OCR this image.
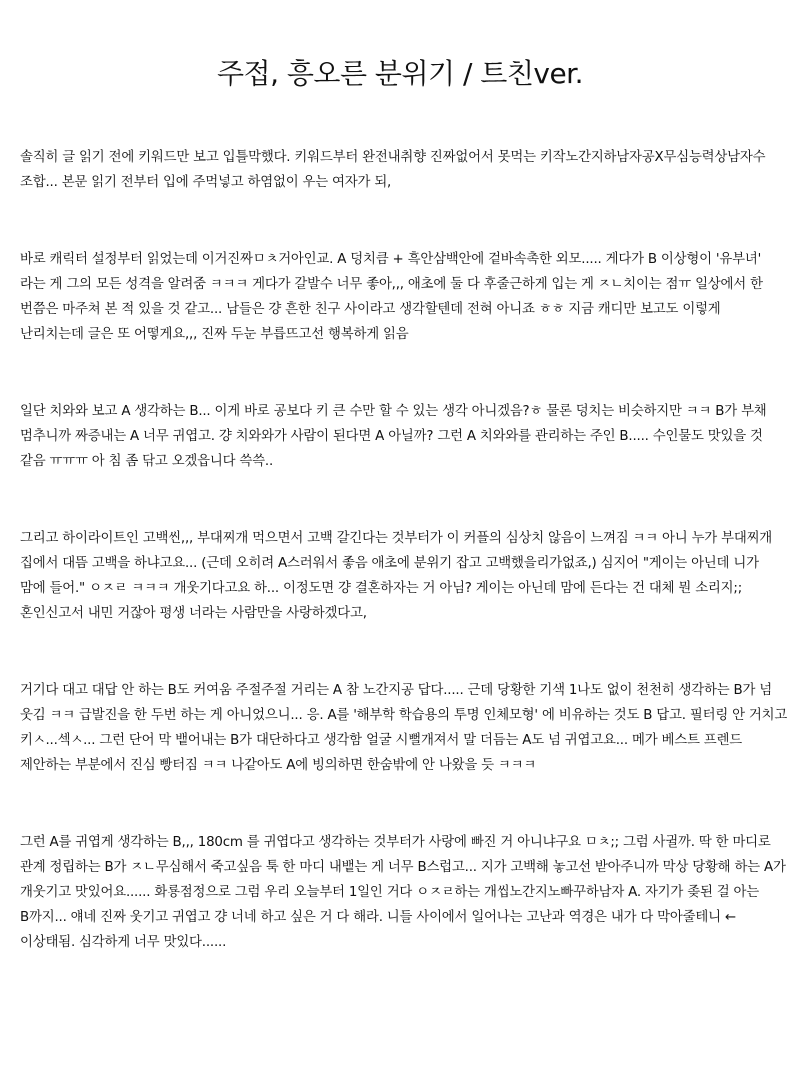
주접, 흥오른 분위기 / 트친ver.

솔직히 글 읽기 전에 키워드만 보고 입틀막했다. 키워드부터 완전내취향 진짜없어서 못먹는 키작노간지하남자공X무심능력상남자수 조합... 본문 읽기 전부터 입에 주먹넣고 하염없이 우는 여자가 되,

바로 캐릭터 설정부터 읽었는데 이거진짜ㅁㅊ거아인교. A 덩치큼 + 흑안삼백안에 겉바속촉한 외모..... 게다가 B 이상형이 '유부녀' 라는 게 그의 모든 성격을 알려줌 ㅋㅋㅋ 게다가 갈발수 너무 좋아,,, 애초에 둘 다 후줄근하게 입는 게 ㅈㄴ치이는 점ㅠ 일상에서 한 번쯤은 마주쳐 본 적 있을 것 같고... 남들은 걍 흔한 친구 사이라고 생각할텐데 전혀 아니죠 ㅎㅎ 지금 캐디만 보고도 이렇게 난리치는데 글은 또 어떻게요,,, 진짜 두눈 부릅뜨고선 행복하게 읽음

일단 치와와 보고 A 생각하는 B... 이게 바로 공보다 키 큰 수만 할 수 있는 생각 아니겠음?ㅎ 물론 덩치는 비슷하지만 ㅋㅋ B가 부채 멈추니까 짜증내는 A 너무 귀엽고. 걍 치와와가 사람이 된다면 A 아닐까? 그런 A 치와와를 관리하는 주인 B..... 수인물도 맛있을 것 같음 ㅠㅠㅠ 아 침 좀 닦고 오겠읍니다 쓱쓱..

그리고 하이라이트인 고백씬,,, 부대찌개 먹으면서 고백 갈긴다는 것부터가 이 커플의 심상치 않음이 느껴짐 ㅋㅋ 아니 누가 부대찌개 집에서 대뜸 고백을 하냐고요... (근데 오히려 A스러워서 좋음 애초에 분위기 잡고 고백했을리가없죠,) 심지어 "게이는 아닌데 니가 맘에 들어." ㅇㅈㄹ ㅋㅋㅋ 개웃기다고요 하... 이정도면 걍 결혼하자는 거 아님? 게이는 아닌데 맘에 든다는 건 대체 뭔 소리지;; 혼인신고서 내민 거잖아 평생 너라는 사람만을 사랑하겠다고,

거기다 대고 대답 안 하는 B도 커여움 주절주절 거리는 A 참 노간지공 답다..... 근데 당황한 기색 1나도 없이 천천히 생각하는 B가 넘 웃김 ㅋㅋ 급발진을 한 두번 하는 게 아니었으니... 응. A를 '해부학 학습용의 투명 인체모형' 에 비유하는 것도 B 답고. 필터링 안 거치고 키ㅅ...섹ㅅ... 그런 단어 막 뱉어내는 B가 대단하다고 생각함 얼굴 시뻘개져서 말 더듬는 A도 넘 귀엽고요... 메가 베스트 프렌드 제안하는 부분에서 진심 빵터짐 ㅋㅋ 나같아도 A에 빙의하면 한숨밖에 안 나왔을 듯 ㅋㅋㅋ

그런 A를 귀엽게 생각하는 B,,, 180cm 를 귀엽다고 생각하는 것부터가 사랑에 빠진 거 아니냐구요 ㅁㅊ;; 그럼 사귈까. 딱 한 마디로 관계 정립하는 B가 ㅈㄴ무심해서 죽고싶음 툭 한 마디 내뱉는 게 너무 B스럽고... 지가 고백해 놓고선 받아주니까 막상 당황해 하는 A가 개웃기고 맛있어요...... 화룡점정으로 그럼 우리 오늘부터 1일인 거다 ㅇㅈㄹ하는 개씹노간지노빠꾸하남자 A. 자기가 좆된 걸 아는 B까지... 얘네 진짜 웃기고 귀엽고 걍 너네 하고 싶은 거 다 해라. 니들 사이에서 일어나는 고난과 역경은 내가 다 막아줄테니 ← 이상태됨. 심각하게 너무 맛있다......
